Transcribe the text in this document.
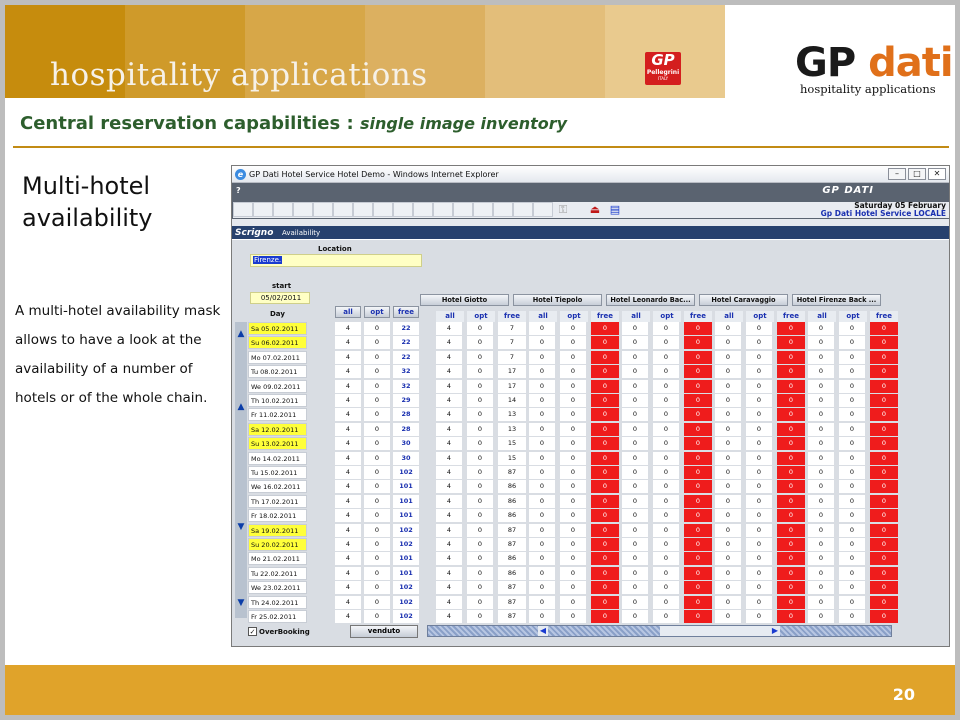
hospitality applications	GP
Pellegrini
ITALY	GP dati
hospitality applications
Central reservation capabilities : single image inventory
Multi-hotel availability
A multi-hotel availability mask allows to have a look at the availability of a number of hotels or of the whole chain.
e GP Dati Hotel Service Hotel Demo - Windows Internet Explorer	–	□	✕
?	GP DATI
⚿	⏏ ▤	Saturday 05 February
Gp Dati Hotel Service LOCALE
Scrigno	Availability
Location
Firenze.
start
05/02/2011	Hotel Giotto	Hotel Tiepolo	Hotel Leonardo Bac...	Hotel Caravaggio	Hotel Firenze Back ...
all	opt	free	all	opt	free	all	opt	free	all	opt	free	all	opt	free	all	opt	free
Day
▲
▲
▼
▼
Sa 05.02.2011	4	0	22	4	0	7	0	0	0	0	0	0	0	0	0	0	0	0
Su 06.02.2011	4	0	22	4	0	7	0	0	0	0	0	0	0	0	0	0	0	0
Mo 07.02.2011	4	0	22	4	0	7	0	0	0	0	0	0	0	0	0	0	0	0
Tu 08.02.2011	4	0	32	4	0	17	0	0	0	0	0	0	0	0	0	0	0	0
We 09.02.2011	4	0	32	4	0	17	0	0	0	0	0	0	0	0	0	0	0	0
Th 10.02.2011	4	0	29	4	0	14	0	0	0	0	0	0	0	0	0	0	0	0
Fr 11.02.2011	4	0	28	4	0	13	0	0	0	0	0	0	0	0	0	0	0	0
Sa 12.02.2011	4	0	28	4	0	13	0	0	0	0	0	0	0	0	0	0	0	0
Su 13.02.2011	4	0	30	4	0	15	0	0	0	0	0	0	0	0	0	0	0	0
Mo 14.02.2011	4	0	30	4	0	15	0	0	0	0	0	0	0	0	0	0	0	0
Tu 15.02.2011	4	0	102	4	0	87	0	0	0	0	0	0	0	0	0	0	0	0
We 16.02.2011	4	0	101	4	0	86	0	0	0	0	0	0	0	0	0	0	0	0
Th 17.02.2011	4	0	101	4	0	86	0	0	0	0	0	0	0	0	0	0	0	0
Fr 18.02.2011	4	0	101	4	0	86	0	0	0	0	0	0	0	0	0	0	0	0
Sa 19.02.2011	4	0	102	4	0	87	0	0	0	0	0	0	0	0	0	0	0	0
Su 20.02.2011	4	0	102	4	0	87	0	0	0	0	0	0	0	0	0	0	0	0
Mo 21.02.2011	4	0	101	4	0	86	0	0	0	0	0	0	0	0	0	0	0	0
Tu 22.02.2011	4	0	101	4	0	86	0	0	0	0	0	0	0	0	0	0	0	0
We 23.02.2011	4	0	102	4	0	87	0	0	0	0	0	0	0	0	0	0	0	0
Th 24.02.2011	4	0	102	4	0	87	0	0	0	0	0	0	0	0	0	0	0	0
Fr 25.02.2011	4	0	102	4	0	87	0	0	0	0	0	0	0	0	0	0	0	0
✓ OverBooking	venduto	◀	▶
20
